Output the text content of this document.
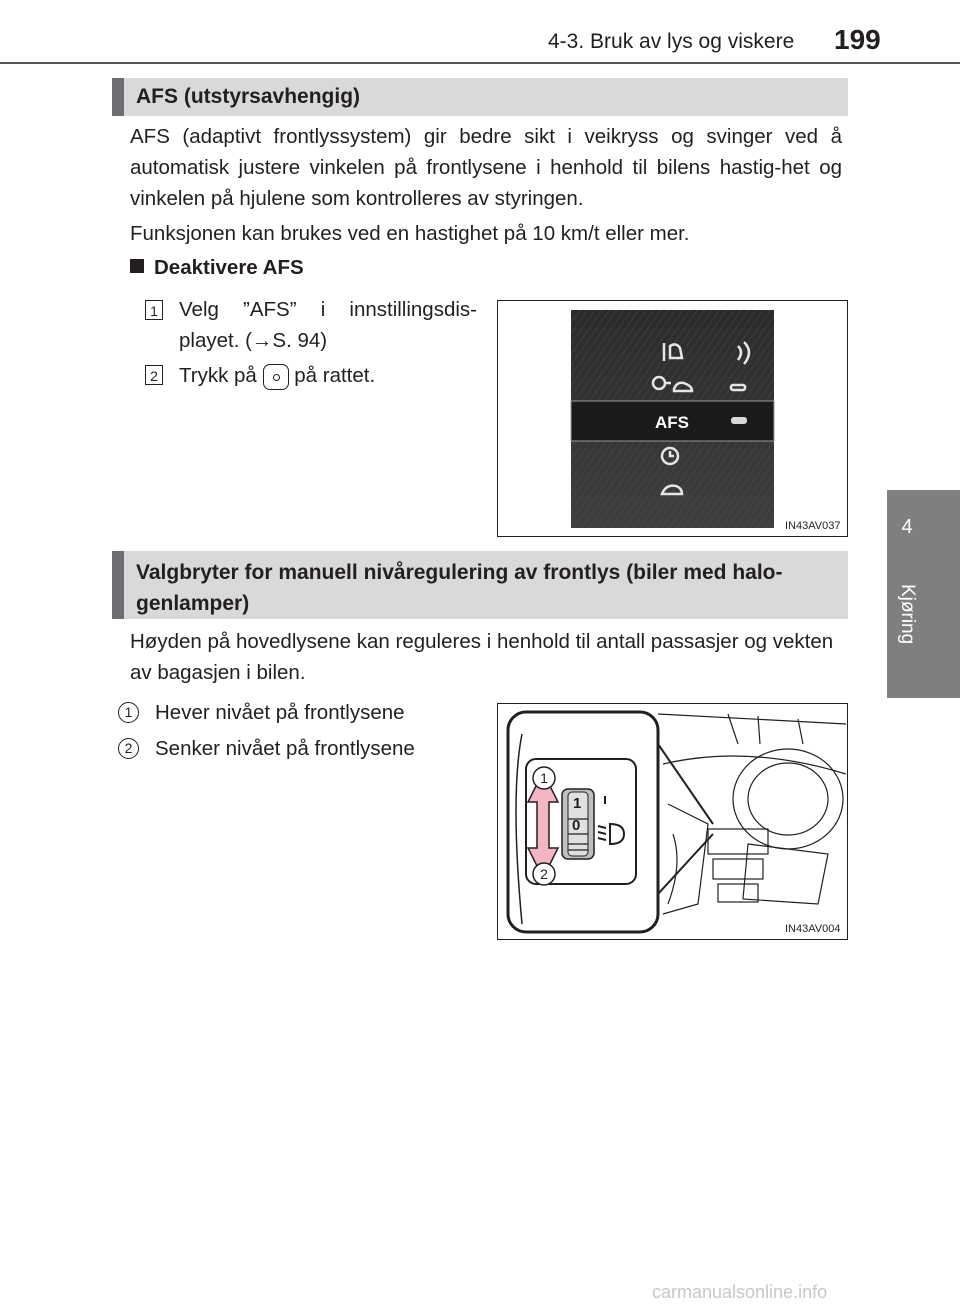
4-3. Bruk av lys og viskere 199
4
Kjøring
AFS (utstyrsavhengig)
AFS (adaptivt frontlyssystem) gir bedre sikt i veikryss og svinger ved å automatisk justere vinkelen på frontlysene i henhold til bilens hastig-het og vinkelen på hjulene som kontrolleres av styringen.
Funksjonen kan brukes ved en hastighet på 10 km/t eller mer.
Deaktivere AFS
1 Velg ”AFS” i innstillingsdis-
playet. (→S. 94)
2 Trykk på på rattet.
AFS
IN43AV037
Valgbryter for manuell nivåregulering av frontlys (biler med halo-
genlamper)
Høyden på hovedlysene kan reguleres i henhold til antall passasjer og vekten av bagasjen i bilen.
1	Hever nivået på frontlysene
2	Senker nivået på frontlysene
1
0
1
2
IN43AV004
carmanualsonline.info
